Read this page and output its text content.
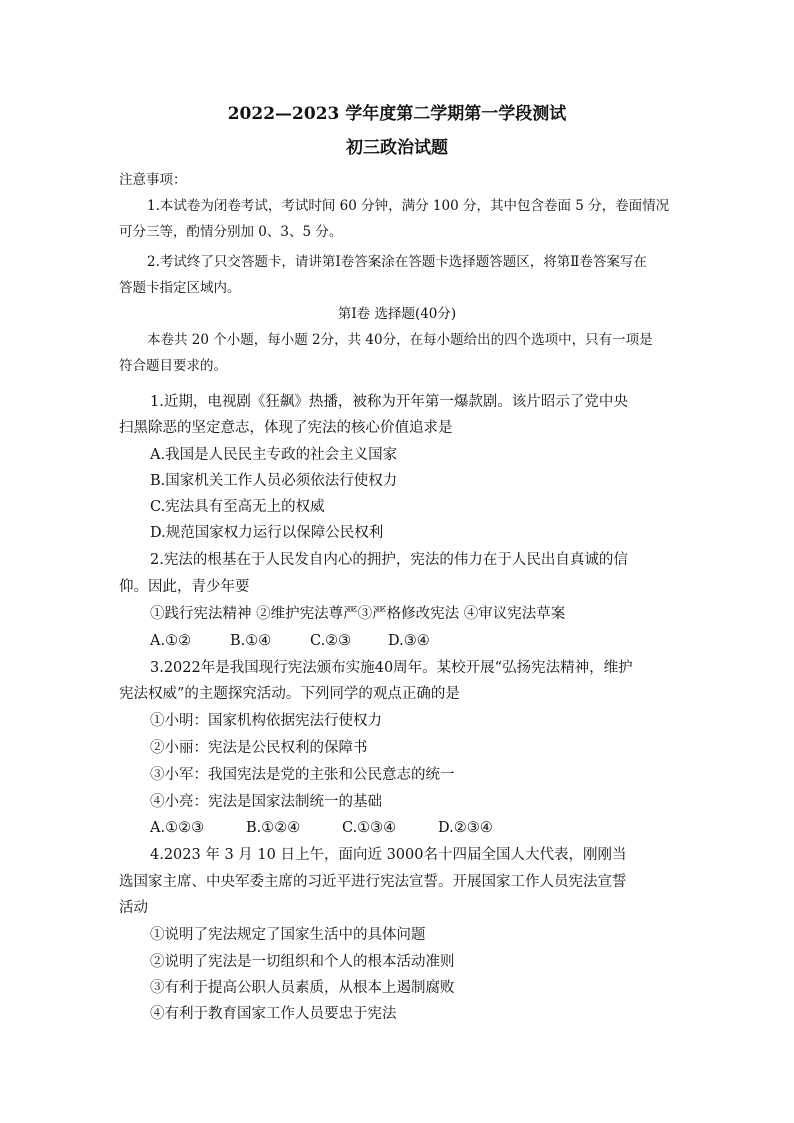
2022—2023 学年度第二学期第一学段测试
初三政治试题
注意事项：
1.本试卷为闭卷考试，考试时间 60 分钟，满分 100 分，其中包含卷面 5 分，卷面情况
可分三等，酌情分别加 0、3、5 分。
2.考试终了只交答题卡，请讲第Ⅰ卷答案涂在答题卡选择题答题区，将第Ⅱ卷答案写在
答题卡指定区域内。
第Ⅰ卷 选择题(40分)
本卷共 20 个小题，每小题 2分，共 40分，在每小题给出的四个选项中，只有一项是
符合题目要求的。
1.近期，电视剧《狂飙》热播，被称为开年第一爆款剧。该片昭示了党中央
扫黑除恶的坚定意志，体现了宪法的核心价值追求是
A.我国是人民民主专政的社会主义国家
B.国家机关工作人员必须依法行使权力
C.宪法具有至高无上的权威
D.规范国家权力运行以保障公民权利
2.宪法的根基在于人民发自内心的拥护，宪法的伟力在于人民出自真诚的信
仰。因此，青少年要
①践行宪法精神 ②维护宪法尊严③严格修改宪法 ④审议宪法草案
A.①②	B.①④	C.②③	D.③④
3.2022年是我国现行宪法颁布实施40周年。某校开展“弘扬宪法精神，维护
宪法权威”的主题探究活动。下列同学的观点正确的是
①小明：国家机构依据宪法行使权力
②小丽：宪法是公民权利的保障书
③小军：我国宪法是党的主张和公民意志的统一
④小亮：宪法是国家法制统一的基础
A.①②③	B.①②④	C.①③④	D.②③④
4.2023 年 3 月 10 日上午，面向近 3000名十四届全国人大代表，刚刚当
选国家主席、中央军委主席的习近平进行宪法宣誓。开展国家工作人员宪法宣誓
活动
①说明了宪法规定了国家生活中的具体问题
②说明了宪法是一切组织和个人的根本活动准则
③有利于提高公职人员素质，从根本上遏制腐败
④有利于教育国家工作人员要忠于宪法
